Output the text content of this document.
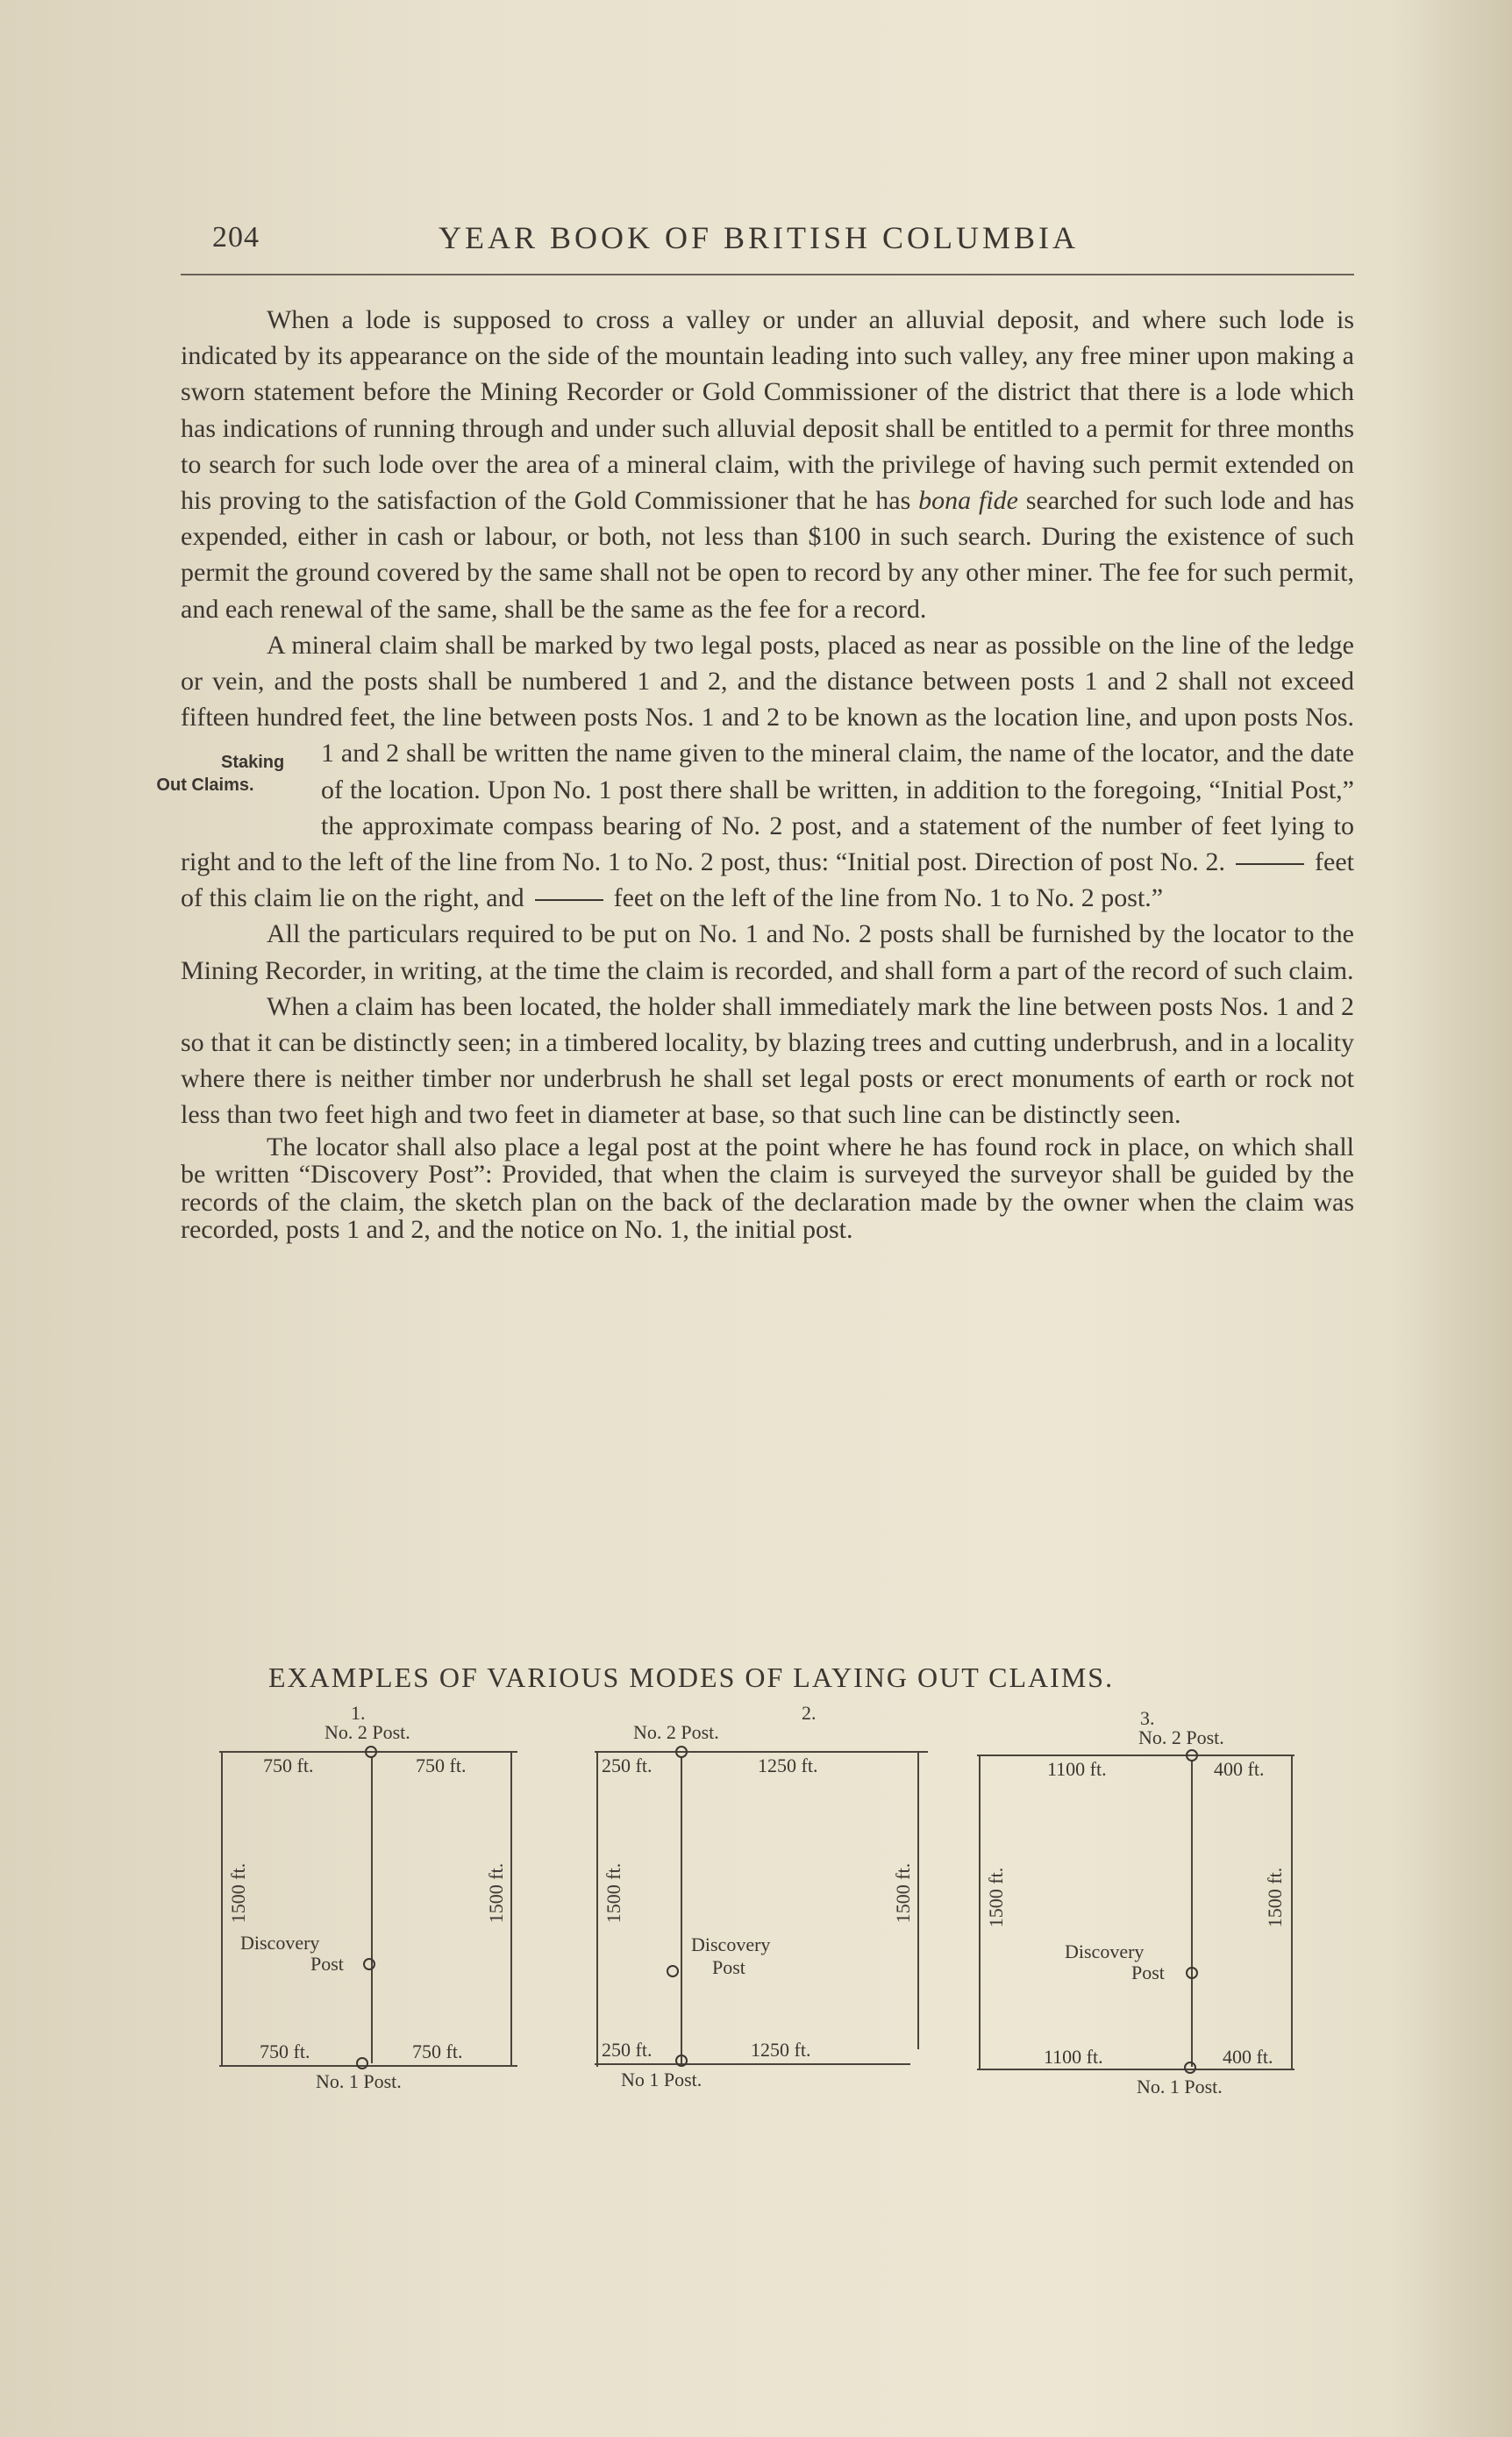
204	YEAR BOOK OF BRITISH COLUMBIA

When a lode is supposed to cross a valley or under an alluvial deposit, and where such lode is indicated by its appearance on the side of the mountain leading into such valley, any free miner upon making a sworn statement before the Mining Recorder or Gold Commissioner of the district that there is a lode which has indications of running through and under such alluvial deposit shall be entitled to a permit for three months to search for such lode over the area of a mineral claim, with the privilege of having such permit extended on his proving to the satisfaction of the Gold Commissioner that he has bona fide searched for such lode and has expended, either in cash or labour, or both, not less than $100 in such search. During the existence of such permit the ground covered by the same shall not be open to record by any other miner. The fee for such permit, and each renewal of the same, shall be the same as the fee for a record.

A mineral claim shall be marked by two legal posts, placed as near as possible on the line of the ledge or vein, and the posts shall be numbered 1 and 2, and the distance between posts 1 and 2 shall not exceed fifteen hundred feet, the line between posts Nos. 1 and 2 to be known as the location line, and upon posts
Staking Out Claims.
Nos. 1 and 2 shall be written the name given to the mineral claim, the name of the locator, and the date of the location. Upon No. 1 post there shall be written, in addition to the foregoing, “Initial Post,” the approximate compass bearing of No. 2 post, and a statement of the number of feet lying to right and to the left of the line from No. 1 to No. 2 post, thus: “Initial post. Direction of post No. 2.	feet of this claim lie on the right, and	feet on the left of the line from No. 1 to No. 2 post.”

All the particulars required to be put on No. 1 and No. 2 posts shall be furnished by the locator to the Mining Recorder, in writing, at the time the claim is recorded, and shall form a part of the record of such claim.

When a claim has been located, the holder shall immediately mark the line between posts Nos. 1 and 2 so that it can be distinctly seen; in a timbered locality, by blazing trees and cutting underbrush, and in a locality where there is neither timber nor underbrush he shall set legal posts or erect monuments of earth or rock not less than two feet high and two feet in diameter at base, so that such line can be distinctly seen.

The locator shall also place a legal post at the point where he has found rock in place, on which shall be written “Discovery Post”: Provided, that when the claim is surveyed the surveyor shall be guided by the records of the claim, the sketch plan on the back of the declaration made by the owner when the claim was recorded, posts 1 and 2, and the notice on No. 1, the initial post.

EXAMPLES OF VARIOUS MODES OF LAYING OUT CLAIMS.
1.
No. 2 Post.
750 ft.	750 ft.
1500 ft.	1500 ft.
Discovery
Post
750 ft.	750 ft.
No. 1 Post.
2.
No. 2 Post.
250 ft.	1250 ft.
1500 ft.	1500 ft.
Discovery
Post
250 ft.	1250 ft.
No 1 Post.
3.
No. 2 Post.
1100 ft.	400 ft.
1500 ft.	1500 ft.
Discovery
Post
1100 ft.	400 ft.
No. 1 Post.
